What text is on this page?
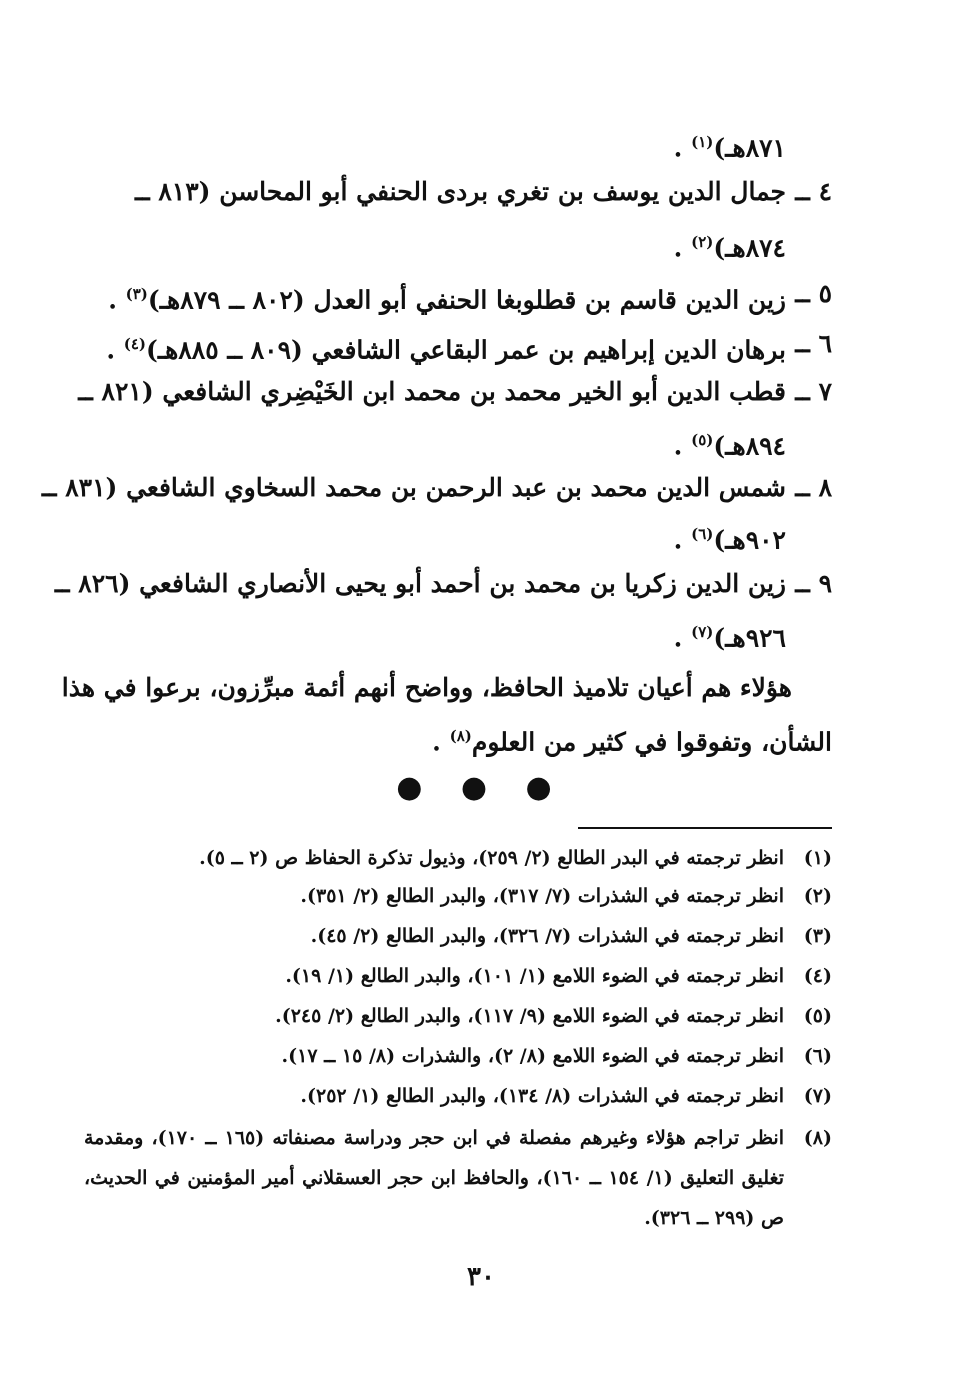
٨٧١هـ)$^{(١)}$ .
٤ ــ
جمال الدين يوسف بن تغري بردى الحنفي أبو المحاسن (٨١٣ ــ
٨٧٤هـ)$^{(٢)}$ .
٥ ــ
زين الدين قاسم بن قطلوبغا الحنفي أبو العدل (٨٠٢ ــ ٨٧٩هـ)$^{(٣)}$ .
٦ ــ
برهان الدين إبراهيم بن عمر البقاعي الشافعي (٨٠٩ ــ ٨٨٥هـ)$^{(٤)}$ .
٧ ــ
قطب الدين أبو الخير محمد بن محمد ابن الخَيْضِري الشافعي (٨٢١ ــ
٨٩٤هـ)$^{(٥)}$ .
٨ ــ
شمس الدين محمد بن عبد الرحمن بن محمد السخاوي الشافعي (٨٣١ ــ
٩٠٢هـ)$^{(٦)}$ .
٩ ــ
زين الدين زكريا بن محمد بن أحمد أبو يحيى الأنصاري الشافعي (٨٢٦ ــ
٩٢٦هـ)$^{(٧)}$ .
هؤلاء هم أعيان تلاميذ الحافظ، وواضح أنهم أئمة مبرِّزون، برعوا في هذا
الشأن، وتفوقوا في كثير من العلوم$^{(٨)}$ .
● ● ●
(١)
انظر ترجمته في البدر الطالع (٢/ ٢٥٩)، وذيول تذكرة الحفاظ ص (٢ ــ ٥).
(٢)
انظر ترجمته في الشذرات (٧/ ٣١٧)، والبدر الطالع (٢/ ٣٥١).
(٣)
انظر ترجمته في الشذرات (٧/ ٣٢٦)، والبدر الطالع (٢/ ٤٥).
(٤)
انظر ترجمته في الضوء اللامع (١/ ١٠١)، والبدر الطالع (١/ ١٩).
(٥)
انظر ترجمته في الضوء اللامع (٩/ ١١٧)، والبدر الطالع (٢/ ٢٤٥).
(٦)
انظر ترجمته في الضوء اللامع (٨/ ٢)، والشذرات (٨/ ١٥ ــ ١٧).
(٧)
انظر ترجمته في الشذرات (٨/ ١٣٤)، والبدر الطالع (١/ ٢٥٢).
(٨)
انظر تراجم هؤلاء وغيرهم مفصلة في ابن حجر ودراسة مصنفاته (١٦٥ ــ ١٧٠)، ومقدمة تغليق التعليق (١/ ١٥٤ ــ ١٦٠)، والحافظ ابن حجر العسقلاني أمير المؤمنين في الحديث، ص (٢٩٩ ــ ٣٢٦).
٣٠
